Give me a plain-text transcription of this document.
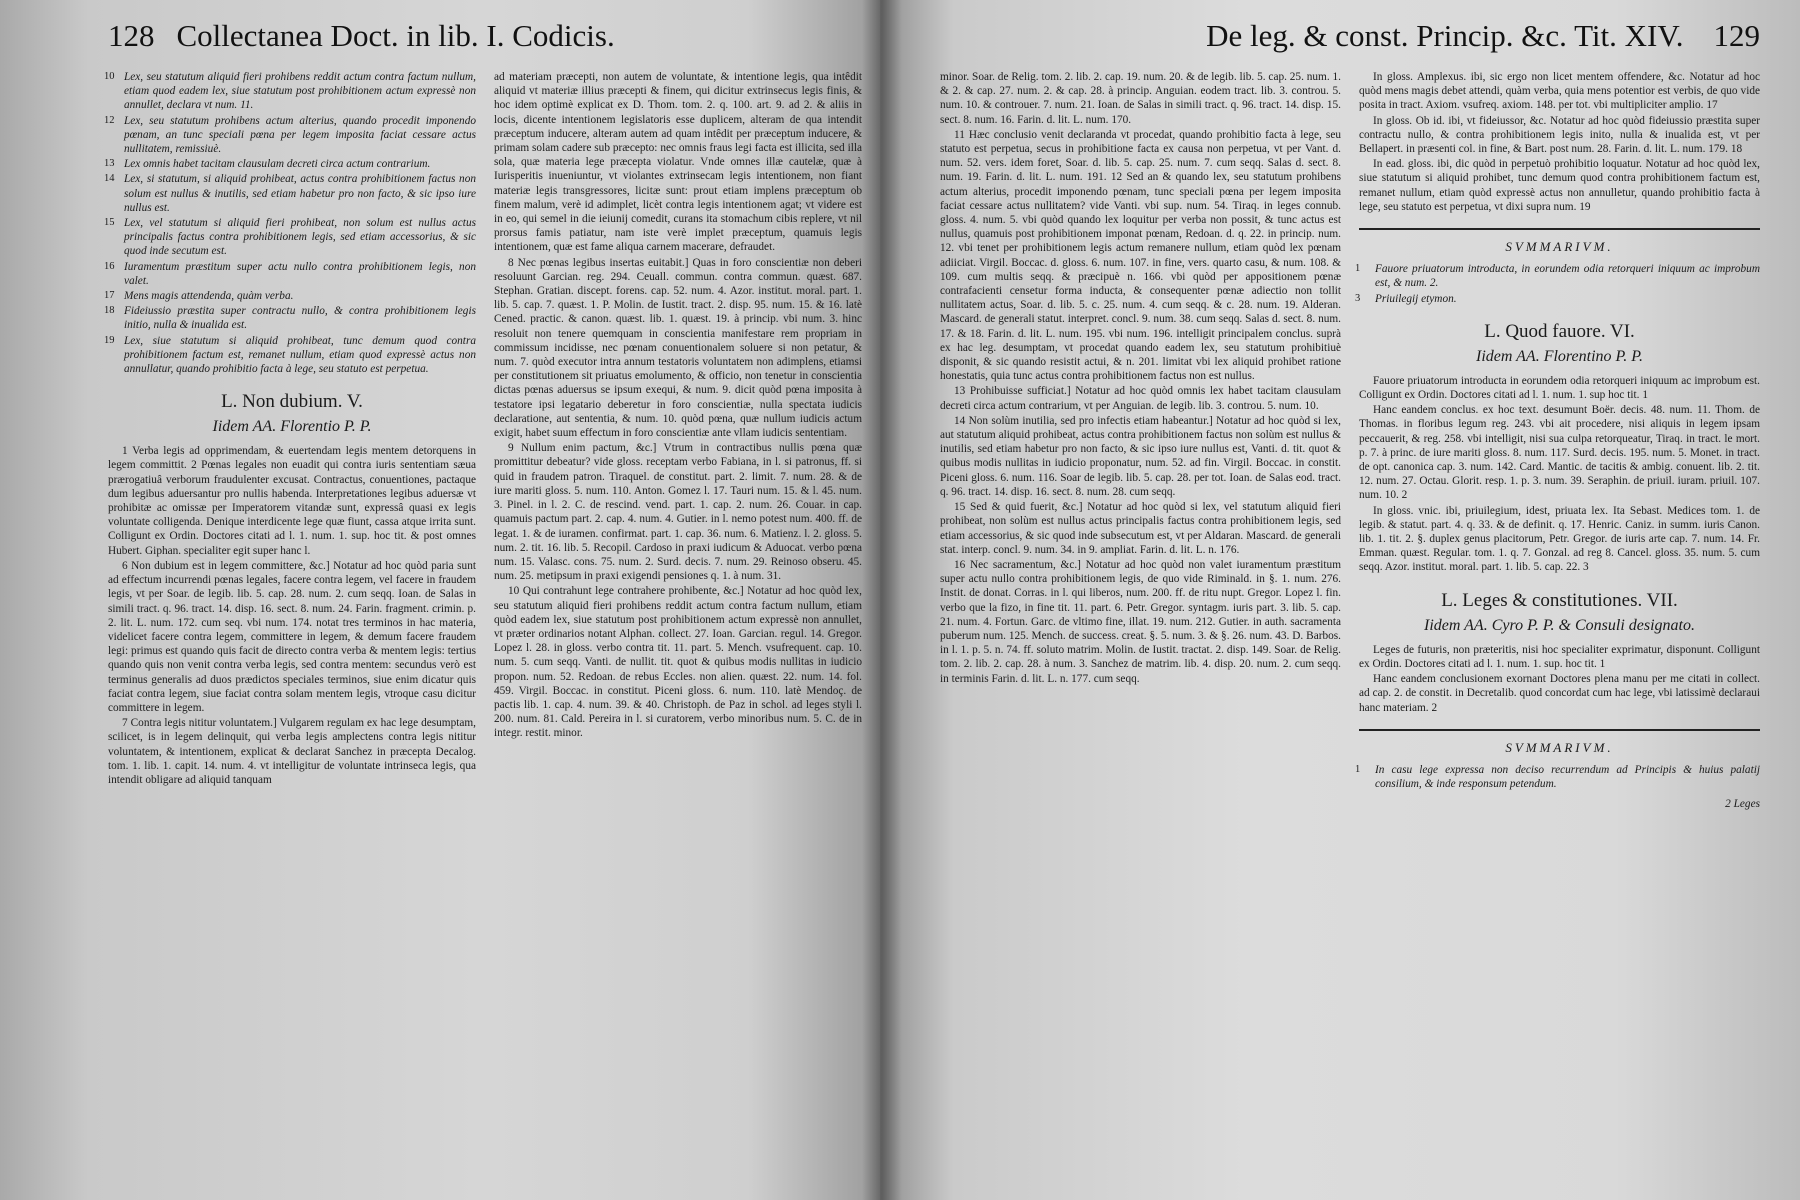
128 Collectanea Doct. in lib. I. Codicis.

10 Lex, seu statutum aliquid fieri prohibens reddit actum contra factum nullum, etiam quod eadem lex, siue statutum post prohibitionem actum expressè non annullet, declara vt num. 11.

12 Lex, seu statutum prohibens actum alterius, quando procedit imponendo pœnam, an tunc speciali pœna per legem imposita faciat cessare actus nullitatem, remissiuè.

13 Lex omnis habet tacitam clausulam decreti circa actum contrarium.

14 Lex, si statutum, si aliquid prohibeat, actus contra prohibitionem factus non solum est nullus & inutilis, sed etiam habetur pro non facto, & sic ipso iure nullus est.

15 Lex, vel statutum si aliquid fieri prohibeat, non solum est nullus actus principalis factus contra prohibitionem legis, sed etiam accessorius, & sic quod inde secutum est.

16 Iuramentum præstitum super actu nullo contra prohibitionem legis, non valet.

17 Mens magis attendenda, quàm verba.

18 Fideiussio præstita super contractu nullo, & contra prohibitionem legis initio, nulla & inualida est.

19 Lex, siue statutum si aliquid prohibeat, tunc demum quod contra prohibitionem factum est, remanet nullum, etiam quod expressè actus non annullatur, quando prohibitio facta à lege, seu statuto est perpetua.

L. Non dubium. V.
Iidem AA. Florentio P. P.

1 Verba legis ad opprimendam, & euertendam legis mentem detorquens in legem committit. 2 Pœnas legales non euadit qui contra iuris sententiam sæua prærogatiuâ verborum fraudulenter excusat. Contractus, conuentiones, pactaque dum legibus aduersantur pro nullis habenda. Interpretationes legibus aduersæ vt prohibitæ ac omissæ per Imperatorem vitandæ sunt, expressâ quasi ex legis voluntate colligenda. Denique interdicente lege quæ fiunt, cassa atque irrita sunt. Colligunt ex Ordin. Doctores citati ad l. 1. num. 1. sup. hoc tit. & post omnes Hubert. Giphan. specialiter egit super hanc l.

6 Non dubium est in legem committere, &c.] Notatur ad hoc quòd paria sunt ad effectum incurrendi pœnas legales, facere contra legem, vel facere in fraudem legis, vt per Soar. de legib. lib. 5. cap. 28. num. 2. cum seqq. Ioan. de Salas in simili tract. q. 96. tract. 14. disp. 16. sect. 8. num. 24. Farin. fragment. crimin. p. 2. lit. L. num. 172. cum seq. vbi num. 174. notat tres terminos in hac materia, videlicet facere contra legem, committere in legem, & demum facere fraudem legi: primus est quando quis facit de directo contra verba & mentem legis: tertius quando quis non venit contra verba legis, sed contra mentem: secundus verò est terminus generalis ad duos prædictos speciales terminos, siue enim dicatur quis faciat contra legem, siue faciat contra solam mentem legis, vtroque casu dicitur committere in legem.

7 Contra legis nititur voluntatem.] Vulgarem regulam ex hac lege desumptam, scilicet, is in legem delinquit, qui verba legis amplectens contra legis nititur voluntatem, & intentionem, explicat & declarat Sanchez in præcepta Decalog. tom. 1. lib. 1. capit. 14. num. 4. vt intelligitur de voluntate intrinseca legis, qua intendit obligare ad aliquid tanquam

ad materiam præcepti, non autem de voluntate, & intentione legis, qua intêdit aliquid vt materiæ illius præcepti & finem, qui dicitur extrinsecus legis finis, & hoc idem optimè explicat ex D. Thom. tom. 2. q. 100. art. 9. ad 2. & aliis in locis, dicente intentionem legislatoris esse duplicem, alteram de qua intendit præceptum inducere, alteram autem ad quam intêdit per præceptum inducere, & primam solam cadere sub præcepto: nec omnis fraus legi facta est illicita, sed illa sola, quæ materia lege præcepta violatur. Vnde omnes illæ cautelæ, quæ à Iurisperitis inueniuntur, vt violantes extrinsecam legis intentionem, non fiant materiæ legis transgressores, licitæ sunt: prout etiam implens præceptum ob finem malum, verè id adimplet, licèt contra legis intentionem agat; vt videre est in eo, qui semel in die ieiunij comedit, curans ita stomachum cibis replere, vt nil prorsus famis patiatur, nam iste verè implet præceptum, quamuis legis intentionem, quæ est fame aliqua carnem macerare, defraudet.

8 Nec pœnas legibus insertas euitabit.] Quas in foro conscientiæ non deberi resoluunt Garcian. reg. 294. Ceuall. commun. contra commun. quæst. 687. Stephan. Gratian. discept. forens. cap. 52. num. 4. Azor. institut. moral. part. 1. lib. 5. cap. 7. quæst. 1. P. Molin. de Iustit. tract. 2. disp. 95. num. 15. & 16. latè Cened. practic. & canon. quæst. lib. 1. quæst. 19. à princip. vbi num. 3. hinc resoluit non tenere quemquam in conscientia manifestare rem propriam in commissum incidisse, nec pœnam conuentionalem soluere si non petatur, & num. 7. quòd executor intra annum testatoris voluntatem non adimplens, etiamsi per constitutionem sit priuatus emolumento, & officio, non tenetur in conscientia dictas pœnas aduersus se ipsum exequi, & num. 9. dicit quòd pœna imposita à testatore ipsi legatario deberetur in foro conscientiæ, nulla spectata iudicis declaratione, aut sententia, & num. 10. quòd pœna, quæ nullum iudicis actum exigit, habet suum effectum in foro conscientiæ ante vllam iudicis sententiam.

9 Nullum enim pactum, &c.] Vtrum in contractibus nullis pœna quæ promittitur debeatur? vide gloss. receptam verbo Fabiana, in l. si patronus, ff. si quid in fraudem patron. Tiraquel. de constitut. part. 2. limit. 7. num. 28. & de iure mariti gloss. 5. num. 110. Anton. Gomez l. 17. Tauri num. 15. & l. 45. num. 3. Pinel. in l. 2. C. de rescind. vend. part. 1. cap. 2. num. 26. Couar. in cap. quamuis pactum part. 2. cap. 4. num. 4. Gutier. in l. nemo potest num. 400. ff. de legat. 1. & de iuramen. confirmat. part. 1. cap. 36. num. 6. Matienz. l. 2. gloss. 5. num. 2. tit. 16. lib. 5. Recopil. Cardoso in praxi iudicum & Aduocat. verbo pœna num. 15. Valasc. cons. 75. num. 2. Surd. decis. 7. num. 29. Reinoso obseru. 45. num. 25. metipsum in praxi exigendi pensiones q. 1. à num. 31.

10 Qui contrahunt lege contrahere prohibente, &c.] Notatur ad hoc quòd lex, seu statutum aliquid fieri prohibens reddit actum contra factum nullum, etiam quòd eadem lex, siue statutum post prohibitionem actum expressè non annullet, vt præter ordinarios notant Alphan. collect. 27. Ioan. Garcian. regul. 14. Gregor. Lopez l. 28. in gloss. verbo contra tit. 11. part. 5. Mench. vsufrequent. cap. 10. num. 5. cum seqq. Vanti. de nullit. tit. quot & quibus modis nullitas in iudicio propon. num. 52. Redoan. de rebus Eccles. non alien. quæst. 22. num. 14. fol. 459. Virgil. Boccac. in constitut. Piceni gloss. 6. num. 110. latè Mendoç. de pactis lib. 1. cap. 4. num. 39. & 40. Christoph. de Paz in schol. ad leges styli l. 200. num. 81. Cald. Pereira in l. si curatorem, verbo minoribus num. 5. C. de in integr. restit. minor.

De leg. & const. Princip. &c. Tit. XIV. 129

minor. Soar. de Relig. tom. 2. lib. 2. cap. 19. num. 20. & de legib. lib. 5. cap. 25. num. 1. & 2. & cap. 27. num. 2. & cap. 28. à princip. Anguian. eodem tract. lib. 3. controu. 5. num. 10. & controuer. 7. num. 21. Ioan. de Salas in simili tract. q. 96. tract. 14. disp. 15. sect. 8. num. 16. Farin. d. lit. L. num. 170.

11 Hæc conclusio venit declaranda vt procedat, quando prohibitio facta à lege, seu statuto est perpetua, secus in prohibitione facta ex causa non perpetua, vt per Vant. d. num. 52. vers. idem foret, Soar. d. lib. 5. cap. 25. num. 7. cum seqq. Salas d. sect. 8. num. 19. Farin. d. lit. L. num. 191. 12 Sed an & quando lex, seu statutum prohibens actum alterius, procedit imponendo pœnam, tunc speciali pœna per legem imposita faciat cessare actus nullitatem? vide Vanti. vbi sup. num. 54. Tiraq. in leges connub. gloss. 4. num. 5. vbi quòd quando lex loquitur per verba non possit, & tunc actus est nullus, quamuis post prohibitionem imponat pœnam, Redoan. d. q. 22. in princip. num. 12. vbi tenet per prohibitionem legis actum remanere nullum, etiam quòd lex pœnam adiiciat. Virgil. Boccac. d. gloss. 6. num. 107. in fine, vers. quarto casu, & num. 108. & 109. cum multis seqq. & præcipuè n. 166. vbi quòd per appositionem pœnæ contrafacienti censetur forma inducta, & consequenter pœnæ adiectio non tollit nullitatem actus, Soar. d. lib. 5. c. 25. num. 4. cum seqq. & c. 28. num. 19. Alderan. Mascard. de generali statut. interpret. concl. 9. num. 38. cum seqq. Salas d. sect. 8. num. 17. & 18. Farin. d. lit. L. num. 195. vbi num. 196. intelligit principalem conclus. suprà ex hac leg. desumptam, vt procedat quando eadem lex, seu statutum prohibitiuè disponit, & sic quando resistit actui, & n. 201. limitat vbi lex aliquid prohibet ratione honestatis, quia tunc actus contra prohibitionem factus non est nullus.

13 Prohibuisse sufficiat.] Notatur ad hoc quòd omnis lex habet tacitam clausulam decreti circa actum contrarium, vt per Anguian. de legib. lib. 3. controu. 5. num. 10.

14 Non solùm inutilia, sed pro infectis etiam habeantur.] Notatur ad hoc quòd si lex, aut statutum aliquid prohibeat, actus contra prohibitionem factus non solùm est nullus & inutilis, sed etiam habetur pro non facto, & sic ipso iure nullus est, Vanti. d. tit. quot & quibus modis nullitas in iudicio proponatur, num. 52. ad fin. Virgil. Boccac. in constit. Piceni gloss. 6. num. 116. Soar de legib. lib. 5. cap. 28. per tot. Ioan. de Salas eod. tract. q. 96. tract. 14. disp. 16. sect. 8. num. 28. cum seqq.

15 Sed & quid fuerit, &c.] Notatur ad hoc quòd si lex, vel statutum aliquid fieri prohibeat, non solùm est nullus actus principalis factus contra prohibitionem legis, sed etiam accessorius, & sic quod inde subsecutum est, vt per Aldaran. Mascard. de generali stat. interp. concl. 9. num. 34. in 9. ampliat. Farin. d. lit. L. n. 176.

16 Nec sacramentum, &c.] Notatur ad hoc quòd non valet iuramentum præstitum super actu nullo contra prohibitionem legis, de quo vide Riminald. in §. 1. num. 276. Instit. de donat. Corras. in l. qui liberos, num. 200. ff. de ritu nupt. Gregor. Lopez l. fin. verbo que la fizo, in fine tit. 11. part. 6. Petr. Gregor. syntagm. iuris part. 3. lib. 5. cap. 21. num. 4. Fortun. Garc. de vltimo fine, illat. 19. num. 212. Gutier. in auth. sacramenta puberum num. 125. Mench. de success. creat. §. 5. num. 3. & §. 26. num. 43. D. Barbos. in l. 1. p. 5. n. 74. ff. soluto matrim. Molin. de Iustit. tractat. 2. disp. 149. Soar. de Relig. tom. 2. lib. 2. cap. 28. à num. 3. Sanchez de matrim. lib. 4. disp. 20. num. 2. cum seqq. in terminis Farin. d. lit. L. n. 177. cum seqq.

In gloss. Amplexus. ibi, sic ergo non licet mentem offendere, &c. Notatur ad hoc quòd mens magis debet attendi, quàm verba, quia mens potentior est verbis, de quo vide posita in tract. Axiom. vsufreq. axiom. 148. per tot. vbi multipliciter amplio. 17

In gloss. Ob id. ibi, vt fideiussor, &c. Notatur ad hoc quòd fideiussio præstita super contractu nullo, & contra prohibitionem legis inito, nulla & inualida est, vt per Bellapert. in præsenti col. in fine, & Bart. post num. 28. Farin. d. lit. L. num. 179. 18

In ead. gloss. ibi, dic quòd in perpetuò prohibitio loquatur. Notatur ad hoc quòd lex, siue statutum si aliquid prohibet, tunc demum quod contra prohibitionem factum est, remanet nullum, etiam quòd expressè actus non annulletur, quando prohibitio facta à lege, seu statuto est perpetua, vt dixi supra num. 19

SVMMARIVM.

1 Fauore priuatorum introducta, in eorundem odia retorqueri iniquum ac improbum est, & num. 2.

3 Priuilegij etymon.

L. Quod fauore. VI.
Iidem AA. Florentino P. P.

Fauore priuatorum introducta in eorundem odia retorqueri iniquum ac improbum est. Colligunt ex Ordin. Doctores citati ad l. 1. num. 1. sup hoc tit. 1

Hanc eandem conclus. ex hoc text. desumunt Boër. decis. 48. num. 11. Thom. de Thomas. in floribus legum reg. 243. vbi ait procedere, nisi aliquis in legem ipsam peccauerit, & reg. 258. vbi intelligit, nisi sua culpa retorqueatur, Tiraq. in tract. le mort. p. 7. à princ. de iure mariti gloss. 8. num. 117. Surd. decis. 195. num. 5. Monet. in tract. de opt. canonica cap. 3. num. 142. Card. Mantic. de tacitis & ambig. conuent. lib. 2. tit. 12. num. 27. Octau. Glorit. resp. 1. p. 3. num. 39. Seraphin. de priuil. iuram. priuil. 107. num. 10. 2

In gloss. vnic. ibi, priuilegium, idest, priuata lex. Ita Sebast. Medices tom. 1. de legib. & statut. part. 4. q. 33. & de definit. q. 17. Henric. Caniz. in summ. iuris Canon. lib. 1. tit. 2. §. duplex genus placitorum, Petr. Gregor. de iuris arte cap. 7. num. 14. Fr. Emman. quæst. Regular. tom. 1. q. 7. Gonzal. ad reg 8. Cancel. gloss. 35. num. 5. cum seqq. Azor. institut. moral. part. 1. lib. 5. cap. 22. 3

L. Leges & constitutiones. VII.
Iidem AA. Cyro P. P. & Consuli designato.

Leges de futuris, non præteritis, nisi hoc specialiter exprimatur, disponunt. Colligunt ex Ordin. Doctores citati ad l. 1. num. 1. sup. hoc tit. 1

Hanc eandem conclusionem exornant Doctores plena manu per me citati in collect. ad cap. 2. de constit. in Decretalib. quod concordat cum hac lege, vbi latissimè declaraui hanc materiam. 2

SVMMARIVM.

1 In casu lege expressa non deciso recurrendum ad Principis & huius palatij consilium, & inde responsum petendum.

2 Leges
